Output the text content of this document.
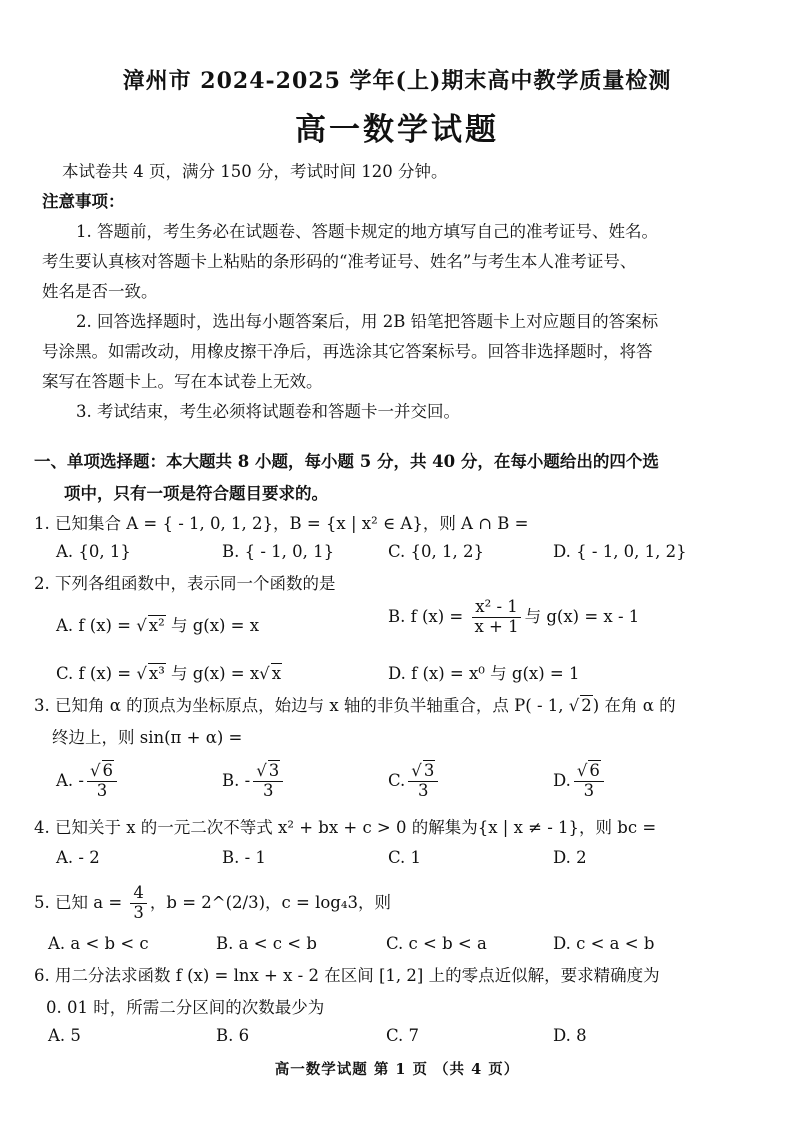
漳州市 2024-2025 学年(上)期末高中教学质量检测
高一数学试题
本试卷共 4 页，满分 150 分，考试时间 120 分钟。
注意事项：
1. 答题前，考生务必在试题卷、答题卡规定的地方填写自己的准考证号、姓名。
考生要认真核对答题卡上粘贴的条形码的“准考证号、姓名”与考生本人准考证号、
姓名是否一致。
2. 回答选择题时，选出每小题答案后，用 2B 铅笔把答题卡上对应题目的答案标
号涂黑。如需改动，用橡皮擦干净后，再选涂其它答案标号。回答非选择题时，将答
案写在答题卡上。写在本试卷上无效。
3. 考试结束，考生必须将试题卷和答题卡一并交回。
一、单项选择题：本大题共 8 小题，每小题 5 分，共 40 分，在每小题给出的四个选
项中，只有一项是符合题目要求的。
1. 已知集合 A = { - 1, 0, 1, 2}，B = {x | x² ∈ A}，则 A ∩ B =
A. {0, 1}	B. { - 1, 0, 1}	C. {0, 1, 2}	D. { - 1, 0, 1, 2}
2. 下列各组函数中，表示同一个函数的是
A. f (x) = √ x² 与 g(x) = x	B. f $(x) = \frac{\text{x² - 1}}{x + 1}$ 与 g(x) = x - 1
C. f (x) = √ x³ 与 g(x) = x√ x	D. f (x) = x⁰ 与 g(x) = 1
3. 已知角 α 的顶点为坐标原点，始边与 x 轴的非负半轴重合，点 P( - 1, √ 2) 在角 α 的
终边上，则 sin(π + α) =
A. - $\frac{√ 6}{3}$	B. - $\frac{√ 3}{3}$	C. $\frac{√ 3}{3}$	D. $\frac{√ 6}{3}$
4. 已知关于 x 的一元二次不等式 x² + bx + c > 0 的解集为{x | x ≠ - 1}，则 bc =
A. - 2	B. - 1	C. 1	D. 2
5. 已知 $a = \frac{4}{3}$ ，b = 2^(2/3)，c = log₄3，则
A. a < b < c	B. a < c < b	C. c < b < a	D. c < a < b
6. 用二分法求函数 f (x) = lnx + x - 2 在区间 [1, 2] 上的零点近似解，要求精确度为
0. 01 时，所需二分区间的次数最少为
A. 5	B. 6	C. 7	D. 8
高一数学试题 第 1 页 （共 4 页）
